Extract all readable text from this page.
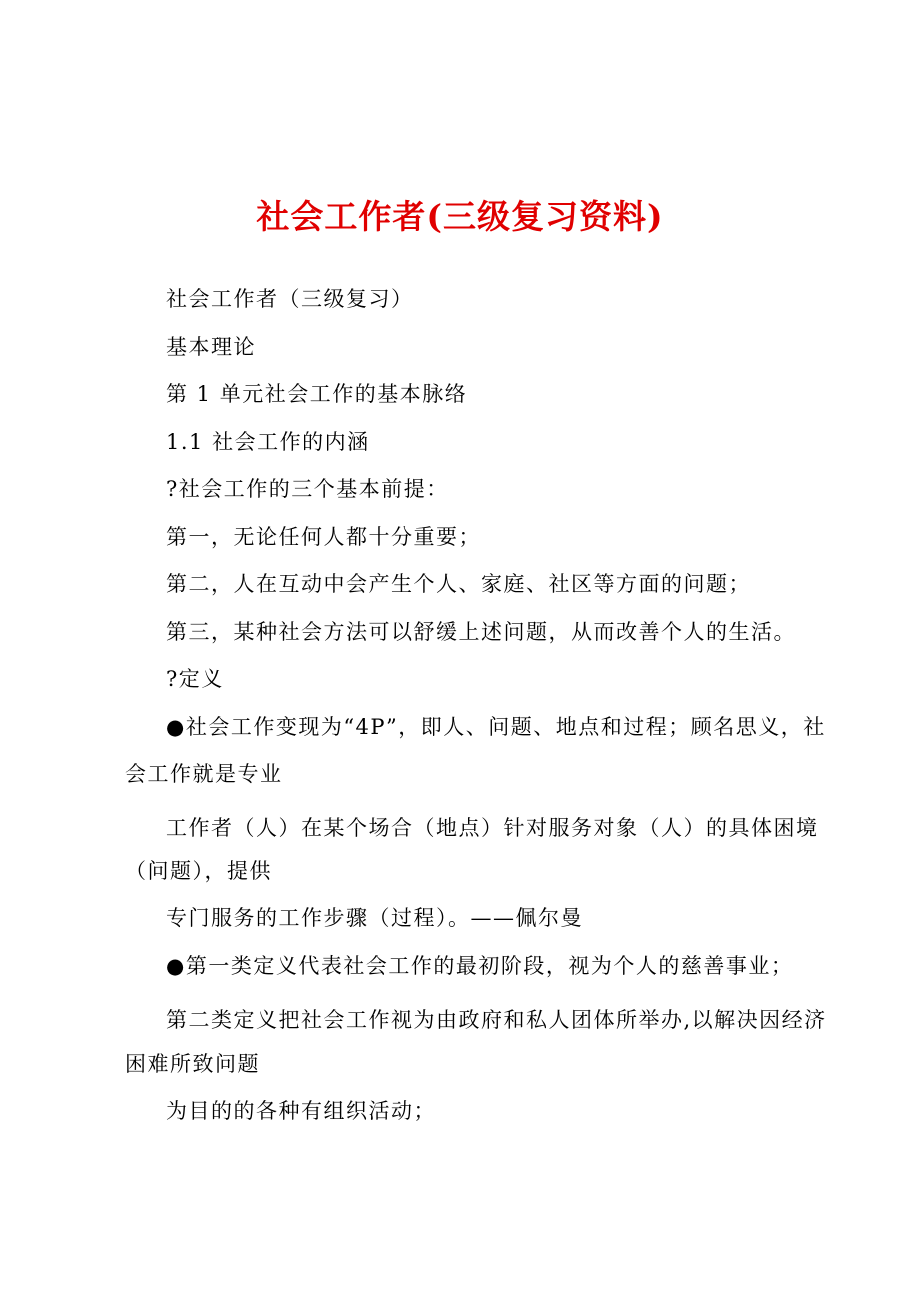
社会工作者(三级复习资料)
社会工作者（三级复习）
基本理论
第 1 单元社会工作的基本脉络
1.1 社会工作的内涵
?社会工作的三个基本前提：
第一，无论任何人都十分重要；
第二，人在互动中会产生个人、家庭、社区等方面的问题；
第三，某种社会方法可以舒缓上述问题，从而改善个人的生活。
?定义
●社会工作变现为“4P”，即人、问题、地点和过程；顾名思义，社
会工作就是专业
工作者（人）在某个场合（地点）针对服务对象（人）的具体困境
（问题），提供
专门服务的工作步骤（过程）。——佩尔曼
●第一类定义代表社会工作的最初阶段，视为个人的慈善事业；
第二类定义把社会工作视为由政府和私人团体所举办,以解决因经济
困难所致问题
为目的的各种有组织活动；
